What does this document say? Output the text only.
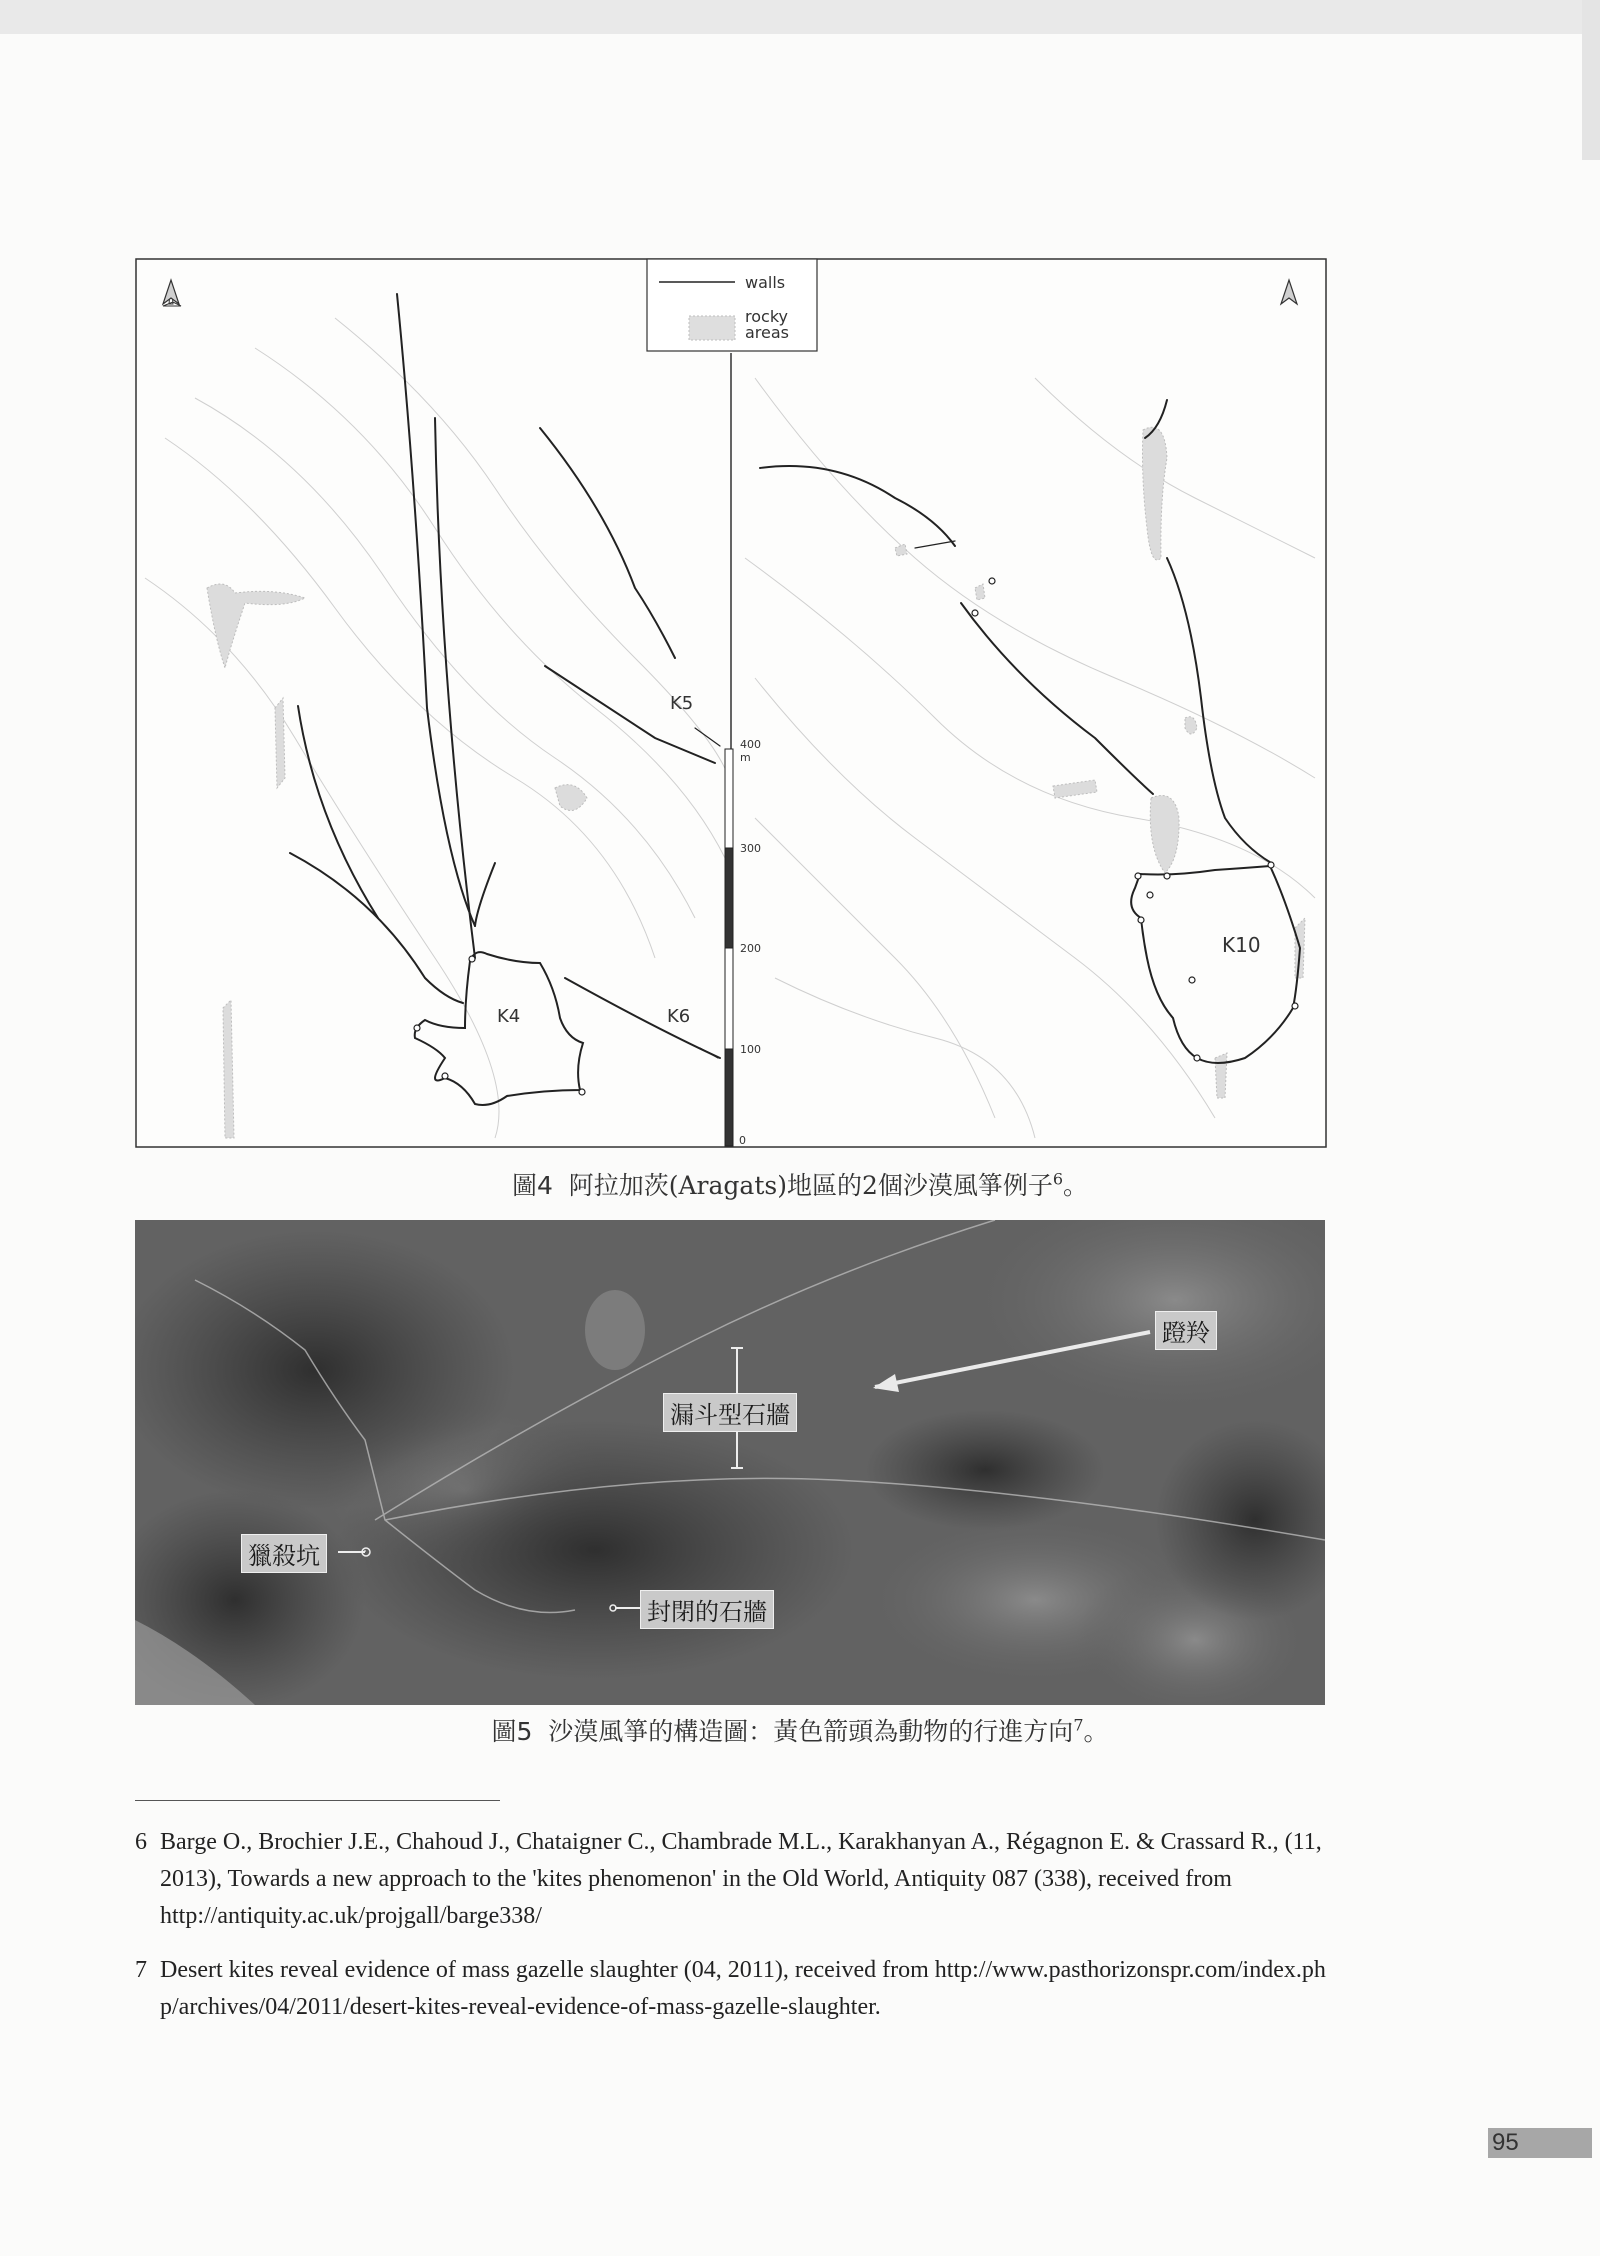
walls
rocky
areas
400
m
300
200
100
0
K4
K5
K6
K10
圖4 阿拉加茨(Aragats)地區的2個沙漠風箏例子$^6$。
蹬羚
漏斗型石牆
獵殺坑
封閉的石牆
圖5 沙漠風箏的構造圖：黃色箭頭為動物的行進方向$^7$。
6 Barge O., Brochier J.E., Chahoud J., Chataigner C., Chambrade M.L., Karakhanyan A., Régagnon E. & Crassard R., (11, 2013), Towards a new approach to the 'kites phenomenon' in the Old World, Antiquity 087 (338), received from http://antiquity.ac.uk/projgall/barge338/
7 Desert kites reveal evidence of mass gazelle slaughter (04, 2011), received from http://www.pasthorizonspr.com/index.php/archives/04/2011/desert-kites-reveal-evidence-of-mass-gazelle-slaughter.
95
